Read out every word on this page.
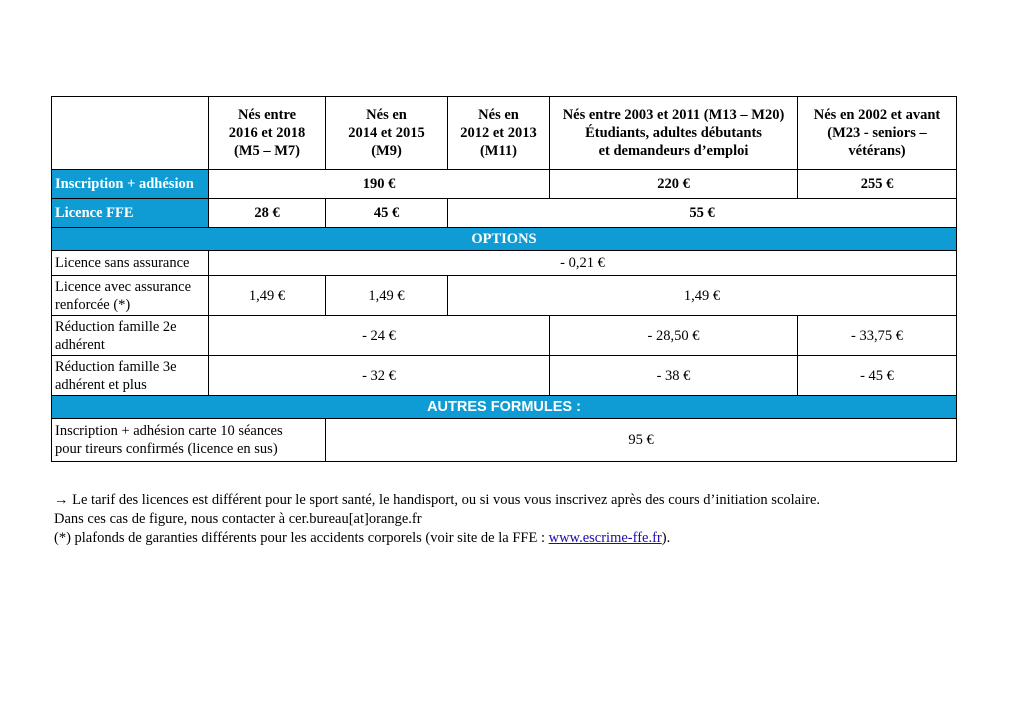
	Nés entre
2016 et 2018
(M5 – M7)	Nés en
2014 et 2015
(M9)	Nés en
2012 et 2013
(M11)	Nés entre 2003 et 2011 (M13 – M20)
Étudiants, adultes débutants
et demandeurs d’emploi	Nés en 2002 et avant
(M23 - seniors –
vétérans)
Inscription + adhésion	190 €			220 €	255 €
Licence FFE	28 €	45 €	55 €		
OPTIONS					
Licence sans assurance	- 0,21 €				
Licence avec assurance
renforcée (*)	1,49 €	1,49 €	1,49 €		
Réduction famille 2e
adhérent	- 24 €			- 28,50 €	- 33,75 €
Réduction famille 3e
adhérent et plus	- 32 €			- 38 €	- 45 €
AUTRES FORMULES :					
Inscription + adhésion carte 10 séances
pour tireurs confirmés (licence en sus)		95 €			
→ Le tarif des licences est différent pour le sport santé, le handisport, ou si vous vous inscrivez après des cours d’initiation scolaire.
Dans ces cas de figure, nous contacter à cer.bureau[at]orange.fr
(*) plafonds de garanties différents pour les accidents corporels (voir site de la FFE : www.escrime-ffe.fr).
